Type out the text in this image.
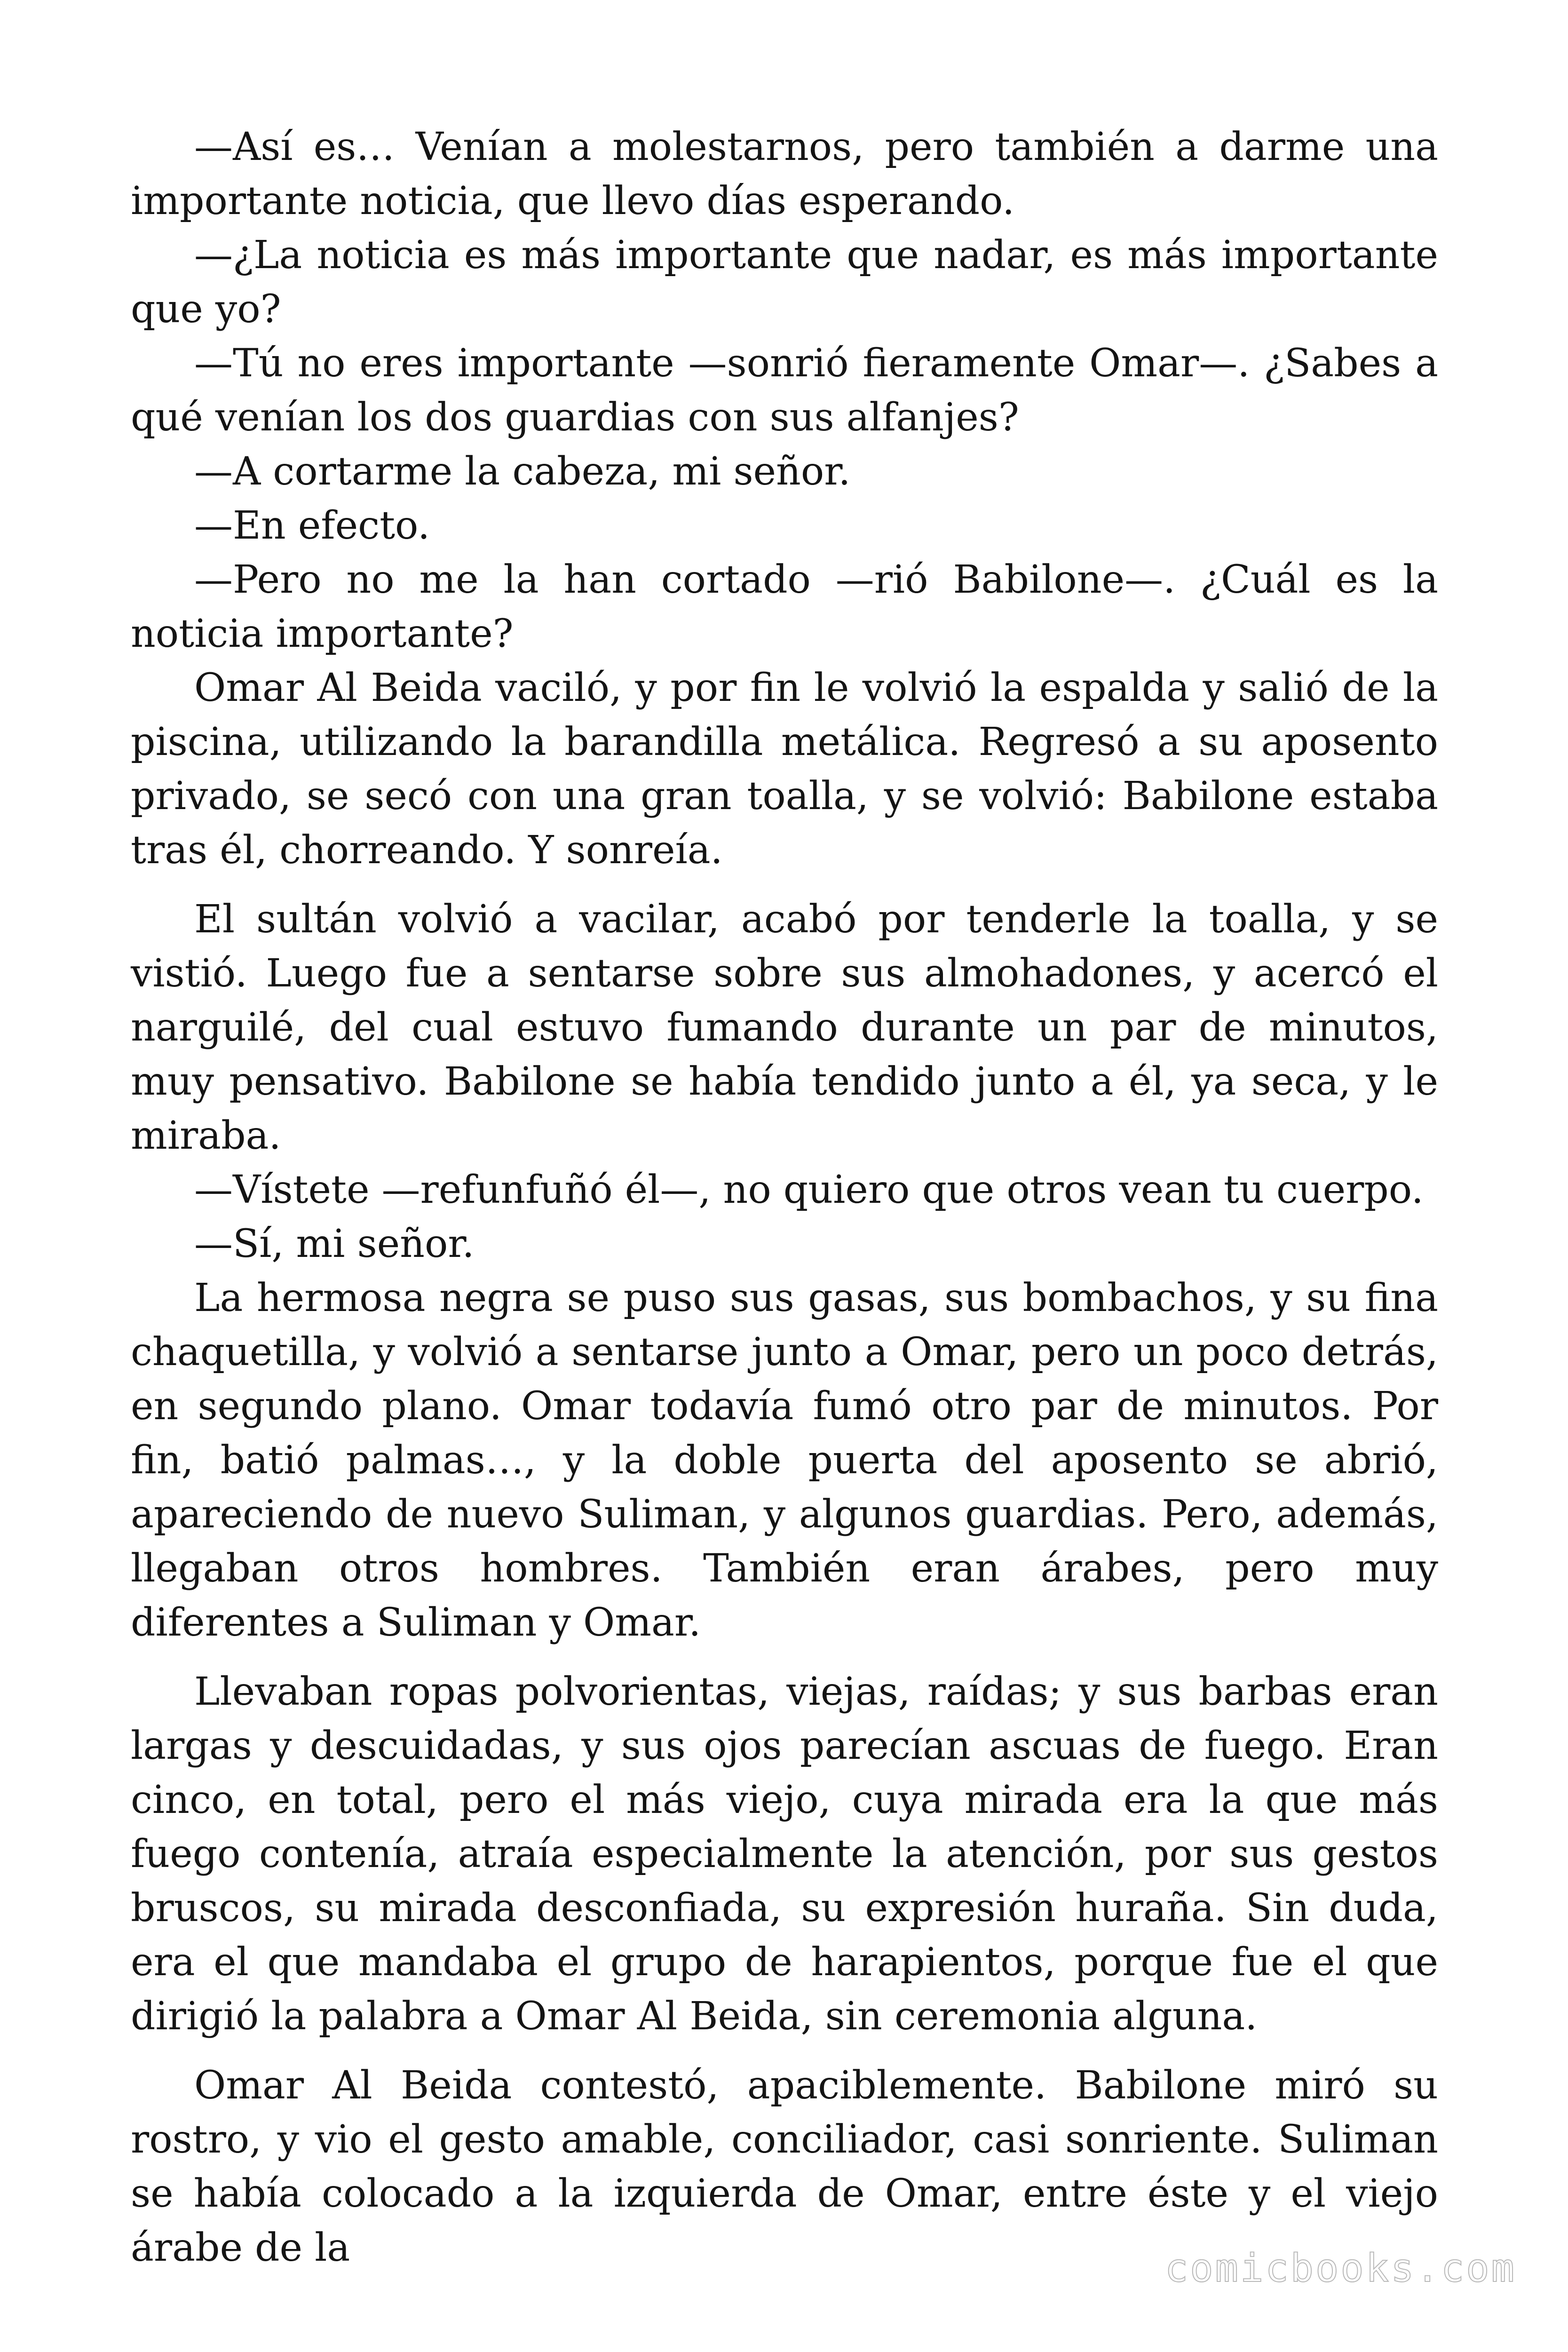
—Así es… Venían a molestarnos, pero también a darme una importante noticia, que llevo días esperando.

—¿La noticia es más importante que nadar, es más importante que yo?

—Tú no eres importante —sonrió fieramente Omar—. ¿Sabes a qué venían los dos guardias con sus alfanjes?

—A cortarme la cabeza, mi señor.

—En efecto.

—Pero no me la han cortado —rió Babilone—. ¿Cuál es la noticia importante?

Omar Al Beida vaciló, y por fin le volvió la espalda y salió de la piscina, utilizando la barandilla metálica. Regresó a su aposento privado, se secó con una gran toalla, y se volvió: Babilone estaba tras él, chorreando. Y sonreía.

El sultán volvió a vacilar, acabó por tenderle la toalla, y se vistió. Luego fue a sentarse sobre sus almohadones, y acercó el narguilé, del cual estuvo fumando durante un par de minutos, muy pensativo. Babilone se había tendido junto a él, ya seca, y le miraba.

—Vístete —refunfuñó él—, no quiero que otros vean tu cuerpo.

—Sí, mi señor.

La hermosa negra se puso sus gasas, sus bombachos, y su fina chaquetilla, y volvió a sentarse junto a Omar, pero un poco detrás, en segundo plano. Omar todavía fumó otro par de minutos. Por fin, batió palmas…, y la doble puerta del aposento se abrió, apareciendo de nuevo Suliman, y algunos guardias. Pero, además, llegaban otros hombres. También eran árabes, pero muy diferentes a Suliman y Omar.

Llevaban ropas polvorientas, viejas, raídas; y sus barbas eran largas y descuidadas, y sus ojos parecían ascuas de fuego. Eran cinco, en total, pero el más viejo, cuya mirada era la que más fuego contenía, atraía especialmente la atención, por sus gestos bruscos, su mirada desconfiada, su expresión huraña. Sin duda, era el que mandaba el grupo de harapientos, porque fue el que dirigió la palabra a Omar Al Beida, sin ceremonia alguna.

Omar Al Beida contestó, apaciblemente. Babilone miró su rostro, y vio el gesto amable, conciliador, casi sonriente. Suliman se había colocado a la izquierda de Omar, entre éste y el viejo árabe de la	comicbooks.com
